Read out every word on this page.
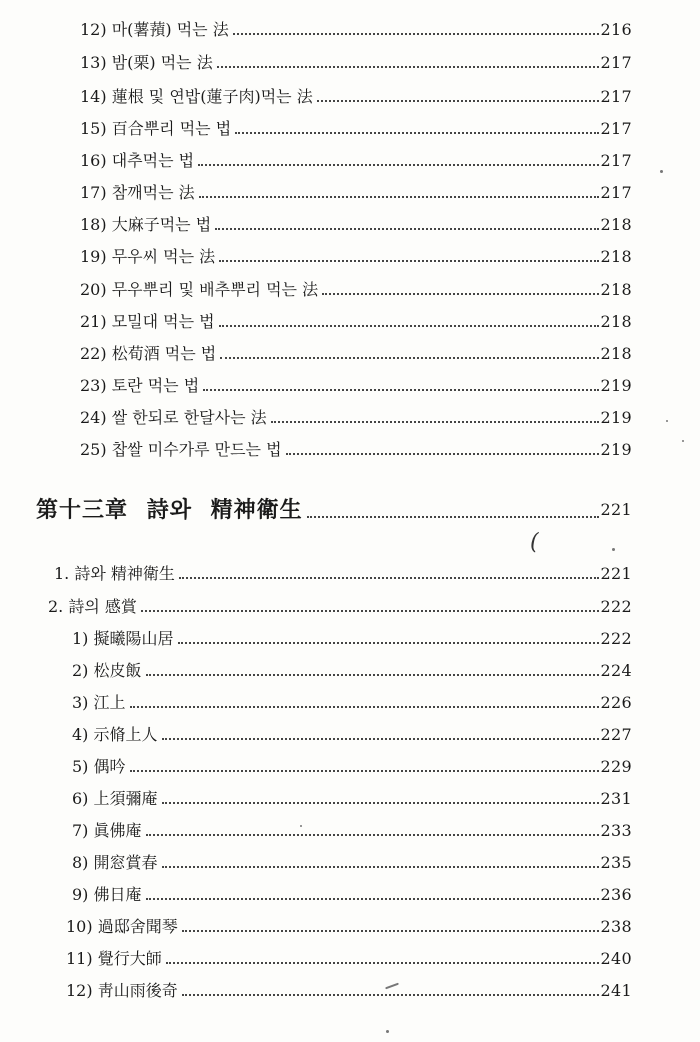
12) 마(薯蕷) 먹는 法	216
13) 밤(栗) 먹는 法	217
14) 蓮根 및 연밥(蓮子肉)먹는 法	217
15) 百合뿌리 먹는 법	217
16) 대추먹는 법	217
17) 참깨먹는 法	217
18) 大麻子먹는 법	218
19) 무우씨 먹는 法	218
20) 무우뿌리 및 배추뿌리 먹는 法	218
21) 모밀대 먹는 법	218
22) 松荀酒 먹는 법	218
23) 토란 먹는 법	219
24) 쌀 한되로 한달사는 法	219
25) 찹쌀 미수가루 만드는 법	219
第十三章 詩와 精神衛生	221
(
1. 詩와 精神衛生	221
2. 詩의 感賞	222
1) 擬曦陽山居	222
2) 松皮飯	224
3) 江上	226
4) 示脩上人	227
5) 偶吟	229
6) 上須彌庵	231
7) 眞佛庵	233
8) 開窓賞春	235
9) 佛日庵	236
10) 過邸舍聞琴	238
11) 覺行大師	240
12) 靑山雨後奇	241
